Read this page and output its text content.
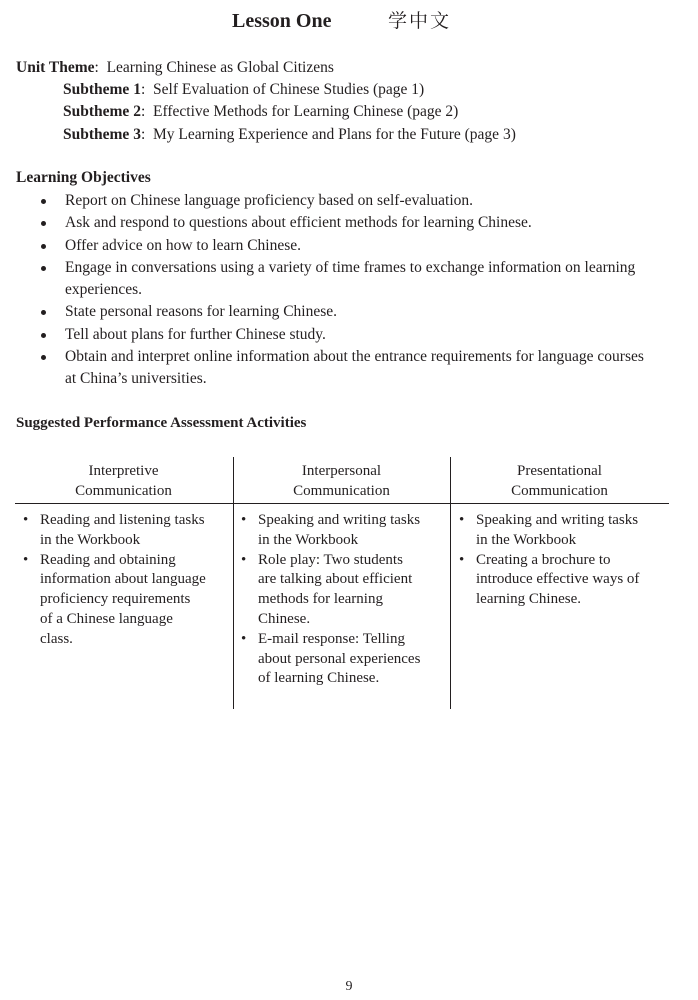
Lesson One	学中文
Unit Theme:  Learning Chinese as Global Citizens
Subtheme 1:  Self Evaluation of Chinese Studies (page 1)
Subtheme 2:  Effective Methods for Learning Chinese (page 2)
Subtheme 3:  My Learning Experience and Plans for the Future (page 3)
Learning Objectives
Report on Chinese language proficiency based on self-evaluation.
Ask and respond to questions about efficient methods for learning Chinese.
Offer advice on how to learn Chinese.
Engage in conversations using a variety of time frames to exchange information on learning experiences.
State personal reasons for learning Chinese.
Tell about plans for further Chinese study.
Obtain and interpret online information about the entrance requirements for language courses at China’s universities.
Suggested Performance Assessment Activities
Interpretive
Communication
• Reading and listening tasks
in the Workbook
• Reading and obtaining
information about language
proficiency requirements
of a Chinese language
class.
Interpersonal
Communication
• Speaking and writing tasks
in the Workbook
• Role play: Two students
are talking about efficient
methods for learning
Chinese.
• E-mail response: Telling
about personal experiences
of learning Chinese.
Presentational
Communication
• Speaking and writing tasks
in the Workbook
• Creating a brochure to
introduce effective ways of
learning Chinese.
9
